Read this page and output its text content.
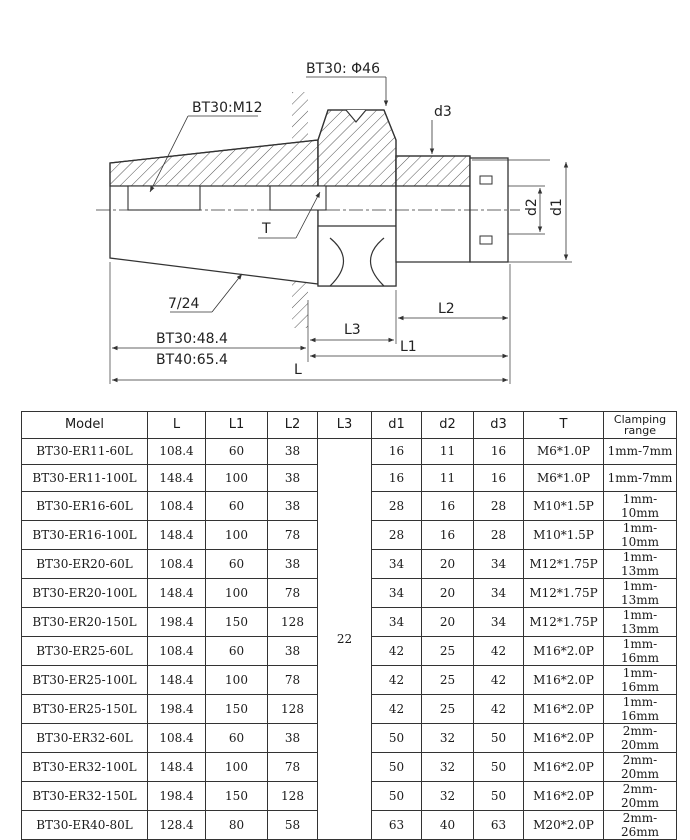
BT30: Φ46
BT30:M12	d3
d2 d1
T
7/24	L2
L3
L1
BT30:48.4
BT40:65.4
L
Model	L	L1	L2	L3	d1	d2	d3	T	Clamping
range

BT30-ER11-60L	108.4	60	38	22	16	11	16	M6*1.0P	1mm-7mm
BT30-ER11-100L	148.4	100	38		16	11	16	M6*1.0P	1mm-7mm
BT30-ER16-60L	108.4	60	38		28	16	28	M10*1.5P	1mm-10mm
BT30-ER16-100L	148.4	100	78		28	16	28	M10*1.5P	1mm-10mm
BT30-ER20-60L	108.4	60	38		34	20	34	M12*1.75P	1mm-13mm
BT30-ER20-100L	148.4	100	78		34	20	34	M12*1.75P	1mm-13mm
BT30-ER20-150L	198.4	150	128		34	20	34	M12*1.75P	1mm-13mm
BT30-ER25-60L	108.4	60	38		42	25	42	M16*2.0P	1mm-16mm
BT30-ER25-100L	148.4	100	78		42	25	42	M16*2.0P	1mm-16mm
BT30-ER25-150L	198.4	150	128		42	25	42	M16*2.0P	1mm-16mm
BT30-ER32-60L	108.4	60	38		50	32	50	M16*2.0P	2mm-20mm
BT30-ER32-100L	148.4	100	78		50	32	50	M16*2.0P	2mm-20mm
BT30-ER32-150L	198.4	150	128		50	32	50	M16*2.0P	2mm-20mm
BT30-ER40-80L	128.4	80	58		63	40	63	M20*2.0P	2mm-26mm
